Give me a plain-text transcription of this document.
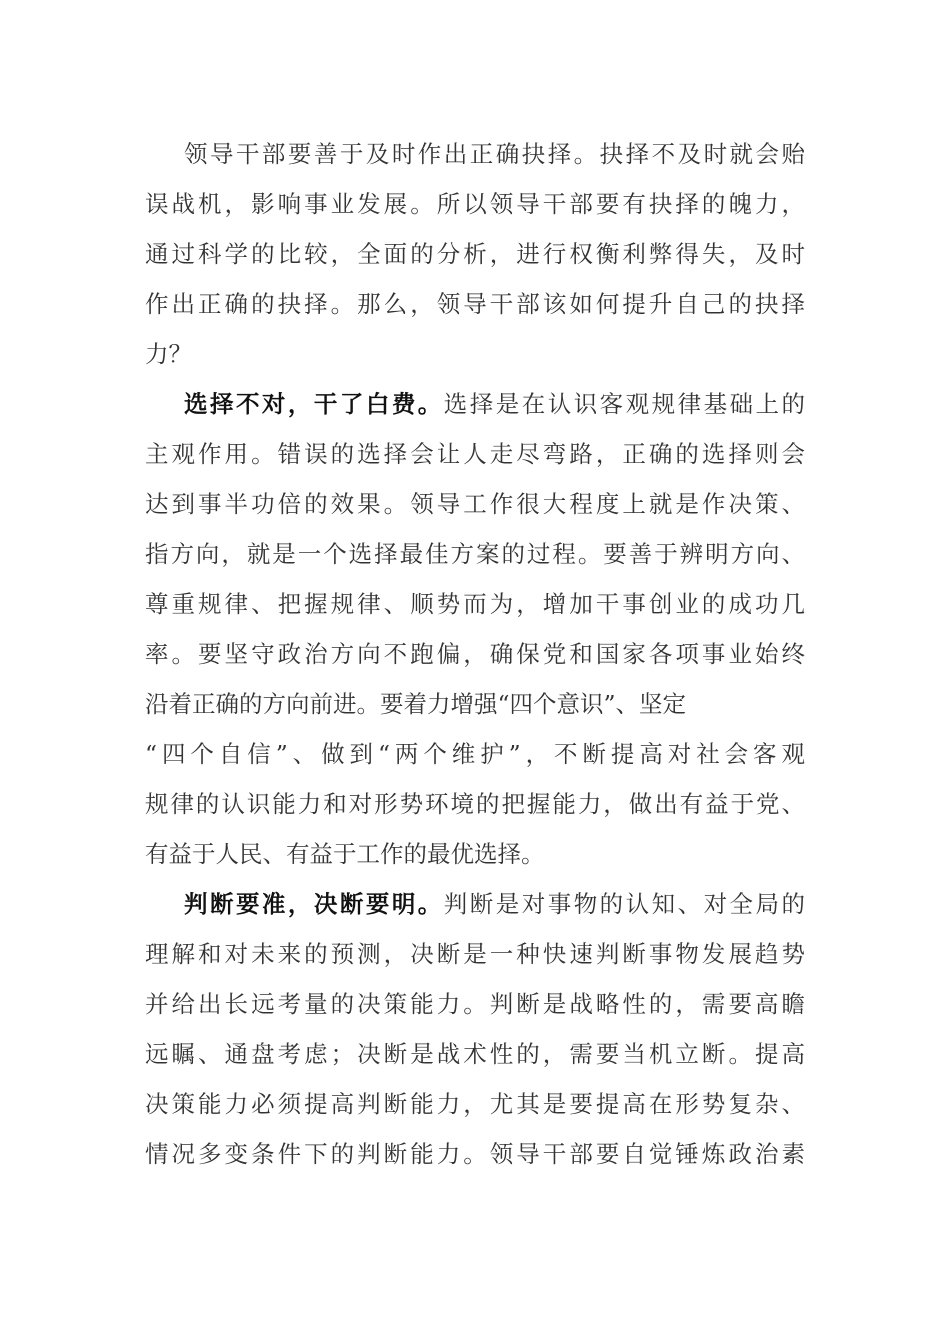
领导干部要善于及时作出正确抉择。抉择不及时就会贻
误战机，影响事业发展。所以领导干部要有抉择的魄力，
通过科学的比较，全面的分析，进行权衡利弊得失，及时
作出正确的抉择。那么，领导干部该如何提升自己的抉择
力？
选择不对，干了白费。选择是在认识客观规律基础上的
主观作用。错误的选择会让人走尽弯路，正确的选择则会
达到事半功倍的效果。领导工作很大程度上就是作决策、
指方向，就是一个选择最佳方案的过程。要善于辨明方向、
尊重规律、把握规律、顺势而为，增加干事创业的成功几
率。要坚守政治方向不跑偏，确保党和国家各项事业始终
沿着正确的方向前进。要着力增强“四个意识”、坚定
“四个自信”、做到“两个维护”，不断提高对社会客观
规律的认识能力和对形势环境的把握能力，做出有益于党、
有益于人民、有益于工作的最优选择。
判断要准，决断要明。判断是对事物的认知、对全局的
理解和对未来的预测，决断是一种快速判断事物发展趋势
并给出长远考量的决策能力。判断是战略性的，需要高瞻
远瞩、通盘考虑；决断是战术性的，需要当机立断。提高
决策能力必须提高判断能力，尤其是要提高在形势复杂、
情况多变条件下的判断能力。领导干部要自觉锤炼政治素
